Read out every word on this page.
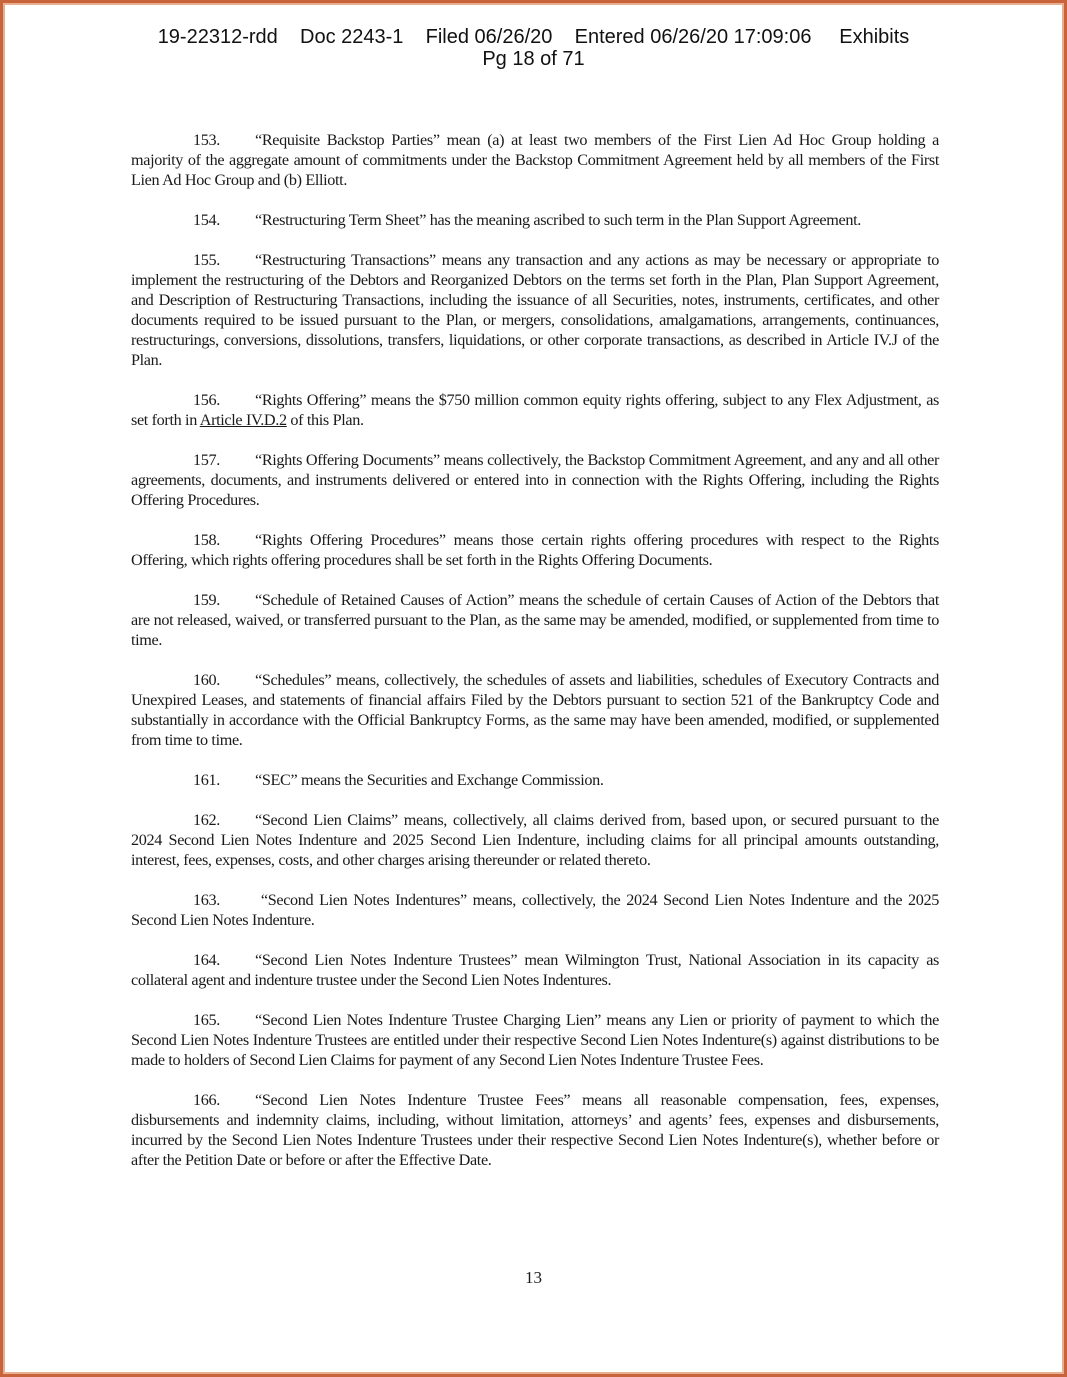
19-22312-rdd    Doc 2243-1    Filed 06/26/20    Entered 06/26/20 17:09:06     Exhibits
Pg 18 of 71

153. “Requisite Backstop Parties” mean (a) at least two members of the First Lien Ad Hoc Group holding a majority of the aggregate amount of commitments under the Backstop Commitment Agreement held by all members of the First Lien Ad Hoc Group and (b) Elliott.

154. “Restructuring Term Sheet” has the meaning ascribed to such term in the Plan Support Agreement.

155. “Restructuring Transactions” means any transaction and any actions as may be necessary or appropriate to implement the restructuring of the Debtors and Reorganized Debtors on the terms set forth in the Plan, Plan Support Agreement, and Description of Restructuring Transactions, including the issuance of all Securities, notes, instruments, certificates, and other documents required to be issued pursuant to the Plan, or mergers, consolidations, amalgamations, arrangements, continuances, restructurings, conversions, dissolutions, transfers, liquidations, or other corporate transactions, as described in Article IV.J of the Plan.

156. “Rights Offering” means the $750 million common equity rights offering, subject to any Flex Adjustment, as set forth in Article IV.D.2 of this Plan.

157. “Rights Offering Documents” means collectively, the Backstop Commitment Agreement, and any and all other agreements, documents, and instruments delivered or entered into in connection with the Rights Offering, including the Rights Offering Procedures.

158. “Rights Offering Procedures” means those certain rights offering procedures with respect to the Rights Offering, which rights offering procedures shall be set forth in the Rights Offering Documents.

159. “Schedule of Retained Causes of Action” means the schedule of certain Causes of Action of the Debtors that are not released, waived, or transferred pursuant to the Plan, as the same may be amended, modified, or supplemented from time to time.

160. “Schedules” means, collectively, the schedules of assets and liabilities, schedules of Executory Contracts and Unexpired Leases, and statements of financial affairs Filed by the Debtors pursuant to section 521 of the Bankruptcy Code and substantially in accordance with the Official Bankruptcy Forms, as the same may have been amended, modified, or supplemented from time to time.

161. “SEC” means the Securities and Exchange Commission.

162. “Second Lien Claims” means, collectively, all claims derived from, based upon, or secured pursuant to the 2024 Second Lien Notes Indenture and 2025 Second Lien Indenture, including claims for all principal amounts outstanding, interest, fees, expenses, costs, and other charges arising thereunder or related thereto.

163. “Second Lien Notes Indentures” means, collectively, the 2024 Second Lien Notes Indenture and the 2025 Second Lien Notes Indenture.

164. “Second Lien Notes Indenture Trustees” mean Wilmington Trust, National Association in its capacity as collateral agent and indenture trustee under the Second Lien Notes Indentures.

165. “Second Lien Notes Indenture Trustee Charging Lien” means any Lien or priority of payment to which the Second Lien Notes Indenture Trustees are entitled under their respective Second Lien Notes Indenture(s) against distributions to be made to holders of Second Lien Claims for payment of any Second Lien Notes Indenture Trustee Fees.

166. “Second Lien Notes Indenture Trustee Fees” means all reasonable compensation, fees, expenses, disbursements and indemnity claims, including, without limitation, attorneys’ and agents’ fees, expenses and disbursements, incurred by the Second Lien Notes Indenture Trustees under their respective Second Lien Notes Indenture(s), whether before or after the Petition Date or before or after the Effective Date.

13
